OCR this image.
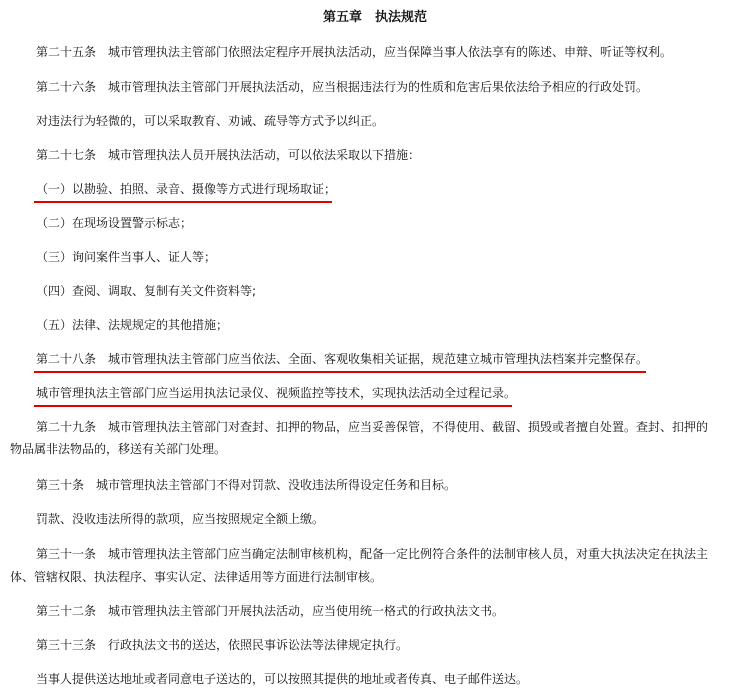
第五章　执法规范

第二十五条　城市管理执法主管部门依照法定程序开展执法活动，应当保障当事人依法享有的陈述、申辩、听证等权利。

第二十六条　城市管理执法主管部门开展执法活动，应当根据违法行为的性质和危害后果依法给予相应的行政处罚。

对违法行为轻微的，可以采取教育、劝诫、疏导等方式予以纠正。

第二十七条　城市管理执法人员开展执法活动，可以依法采取以下措施：

（一）以勘验、拍照、录音、摄像等方式进行现场取证；

（二）在现场设置警示标志；

（三）询问案件当事人、证人等；

（四）查阅、调取、复制有关文件资料等;

（五）法律、法规规定的其他措施；

第二十八条　城市管理执法主管部门应当依法、全面、客观收集相关证据，规范建立城市管理执法档案并完整保存。

城市管理执法主管部门应当运用执法记录仪、视频监控等技术，实现执法活动全过程记录。

第二十九条　城市管理执法主管部门对查封、扣押的物品，应当妥善保管，不得使用、截留、损毁或者擅自处置。查封、扣押的

物品属非法物品的，移送有关部门处理。

第三十条　城市管理执法主管部门不得对罚款、没收违法所得设定任务和目标。

罚款、没收违法所得的款项，应当按照规定全额上缴。

第三十一条　城市管理执法主管部门应当确定法制审核机构，配备一定比例符合条件的法制审核人员，对重大执法决定在执法主

体、管辖权限、执法程序、事实认定、法律适用等方面进行法制审核。

第三十二条　城市管理执法主管部门开展执法活动，应当使用统一格式的行政执法文书。

第三十三条　行政执法文书的送达，依照民事诉讼法等法律规定执行。

当事人提供送达地址或者同意电子送达的，可以按照其提供的地址或者传真、电子邮件送达。
